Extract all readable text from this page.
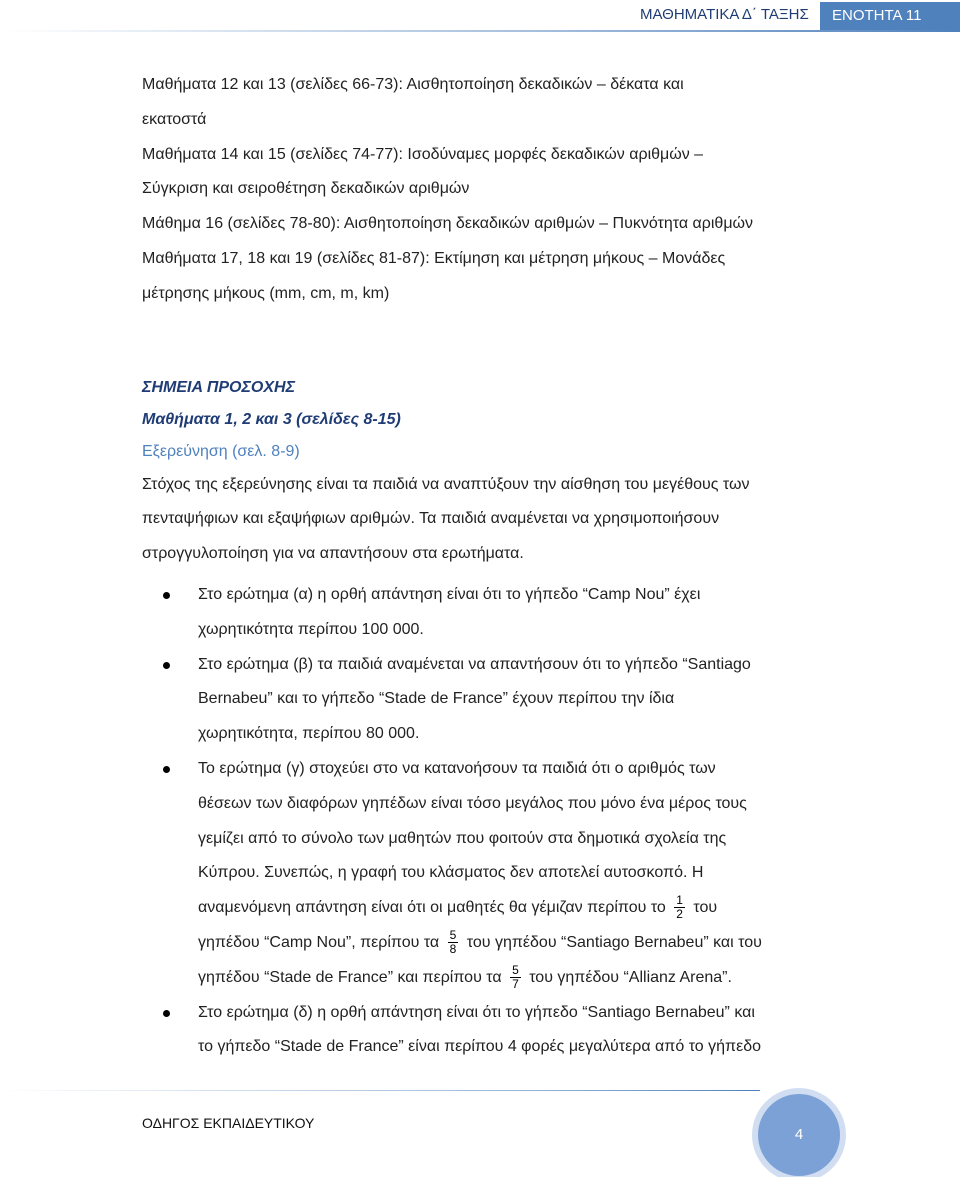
ΜΑΘΗΜΑΤΙΚΑ Δ΄ ΤΑΞΗΣ	ΕΝΟΤΗΤΑ 11
Μαθήματα 12 και 13 (σελίδες 66-73): Αισθητοποίηση δεκαδικών – δέκατα και
εκατοστά
Μαθήματα 14 και 15 (σελίδες 74-77): Ισοδύναμες μορφές δεκαδικών αριθμών –
Σύγκριση και σειροθέτηση δεκαδικών αριθμών
Μάθημα 16 (σελίδες 78-80): Αισθητοποίηση δεκαδικών αριθμών – Πυκνότητα αριθμών
Μαθήματα 17, 18 και 19 (σελίδες 81-87): Εκτίμηση και μέτρηση μήκους – Μονάδες
μέτρησης μήκους (mm, cm, m, km)
ΣΗΜΕΙΑ ΠΡΟΣΟΧΗΣ
Μαθήματα 1, 2 και 3 (σελίδες 8-15)
Εξερεύνηση (σελ. 8-9)
Στόχος της εξερεύνησης είναι τα παιδιά να αναπτύξουν την αίσθηση του μεγέθους των
πενταψήφιων και εξαψήφιων αριθμών. Τα παιδιά αναμένεται να χρησιμοποιήσουν
στρογγυλοποίηση για να απαντήσουν στα ερωτήματα.
Στο ερώτημα (α) η ορθή απάντηση είναι ότι το γήπεδο “Camp Nou” έχει
χωρητικότητα περίπου 100 000.
Στο ερώτημα (β) τα παιδιά αναμένεται να απαντήσουν ότι το γήπεδο “Santiago
Bernabeu” και το γήπεδο “Stade de France” έχουν περίπου την ίδια
χωρητικότητα, περίπου 80 000.
Το ερώτημα (γ) στοχεύει στο να κατανοήσουν τα παιδιά ότι ο αριθμός των
θέσεων των διαφόρων γηπέδων είναι τόσο μεγάλος που μόνο ένα μέρος τους
γεμίζει από το σύνολο των μαθητών που φοιτούν στα δημοτικά σχολεία της
Κύπρου. Συνεπώς, η γραφή του κλάσματος δεν αποτελεί αυτοσκοπό. Η
αναμενόμενη απάντηση είναι ότι οι μαθητές θα γέμιζαν περίπου το $\frac{1}{2}$ του
γηπέδου “Camp Nou”, περίπου τα $\frac{5}{8}$ του γηπέδου “Santiago Bernabeu” και του
γηπέδου “Stade de France” και περίπου τα $\frac{5}{7}$ του γηπέδου “Allianz Arena”.
Στο ερώτημα (δ) η ορθή απάντηση είναι ότι το γήπεδο “Santiago Bernabeu” και
το γήπεδο “Stade de France” είναι περίπου 4 φορές μεγαλύτερα από το γήπεδο
ΟΔΗΓΟΣ ΕΚΠΑΙΔΕΥΤΙΚΟΥ
4
